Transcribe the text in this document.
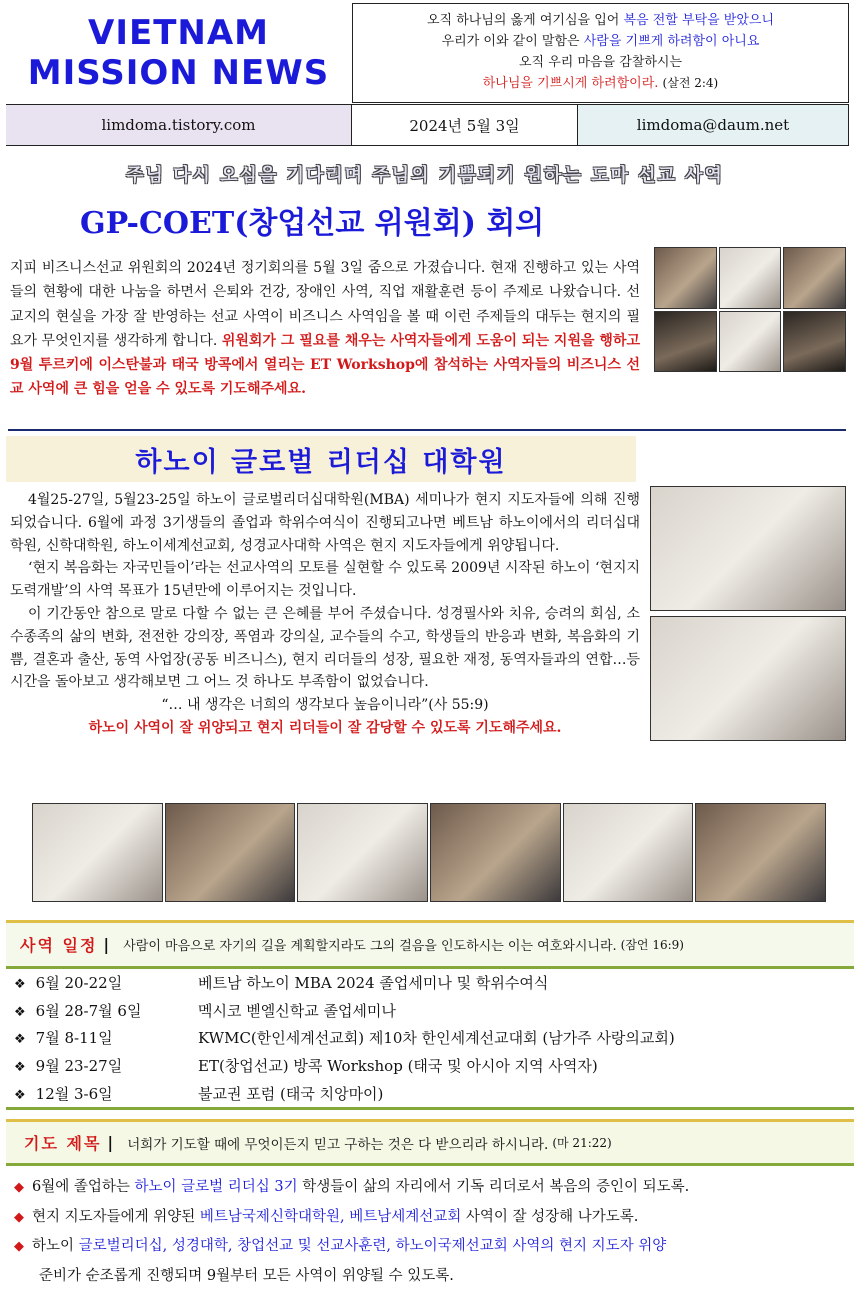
VIETNAM
MISSION NEWS
오직 하나님의 옳게 여기심을 입어 복음 전할 부탁을 받았으니
우리가 이와 같이 말함은 사람을 기쁘게 하려함이 아니요
오직 우리 마음을 감찰하시는
하나님을 기쁘시게 하려함이라. (살전 2:4)
limdoma.tistory.com	2024년 5월 3일	limdoma@daum.net
주님 다시 오심을 기다리며 주님의 기쁨되기 원하는 도마 선교 사역
GP-COET(창업선교 위원회) 회의
지피 비즈니스선교 위원회의 2024년 정기회의를 5월 3일 줌으로 가졌습니다. 현재 진행하고 있는 사역들의 현황에 대한 나눔을 하면서 은퇴와 건강, 장애인 사역, 직업 재활훈련 등이 주제로 나왔습니다. 선교지의 현실을 가장 잘 반영하는 선교 사역이 비즈니스 사역임을 볼 때 이런 주제들의 대두는 현지의 필요가 무엇인지를 생각하게 합니다. 위원회가 그 필요를 채우는 사역자들에게 도움이 되는 지원을 행하고 9월 투르키에 이스탄불과 태국 방콕에서 열리는 ET Workshop에 참석하는 사역자들의 비즈니스 선교 사역에 큰 힘을 얻을 수 있도록 기도해주세요.
하노이 글로벌 리더십 대학원
4월25-27일, 5월23-25일 하노이 글로벌리더십대학원(MBA) 세미나가 현지 지도자들에 의해 진행되었습니다. 6월에 과정 3기생들의 졸업과 학위수여식이 진행되고나면 베트남 하노이에서의 리더십대학원, 신학대학원, 하노이세계선교회, 성경교사대학 사역은 현지 지도자들에게 위양됩니다.
‘현지 복음화는 자국민들이’라는 선교사역의 모토를 실현할 수 있도록 2009년 시작된 하노이 ‘현지지도력개발’의 사역 목표가 15년만에 이루어지는 것입니다.
이 기간동안 참으로 말로 다할 수 없는 큰 은혜를 부어 주셨습니다. 성경필사와 치유, 승려의 회심, 소수종족의 삶의 변화, 전전한 강의장, 폭염과 강의실, 교수들의 수고, 학생들의 반응과 변화, 복음화의 기쁨, 결혼과 출산, 동역 사업장(공동 비즈니스), 현지 리더들의 성장, 필요한 재정, 동역자들과의 연합…등 시간을 돌아보고 생각해보면 그 어느 것 하나도 부족함이 없었습니다.
“… 내 생각은 너희의 생각보다 높음이니라”(사 55:9)
하노이 사역이 잘 위양되고 현지 리더들이 잘 감당할 수 있도록 기도해주세요.
사역 일정 | 사람이 마음으로 자기의 길을 계획할지라도 그의 걸음을 인도하시는 이는 여호와시니라. (잠언 16:9)
❖ 6월 20-22일	베트남 하노이 MBA 2024 졸업세미나 및 학위수여식
❖ 6월 28-7월 6일	멕시코 벧엘신학교 졸업세미나
❖ 7월 8-11일	KWMC(한인세계선교회) 제10차 한인세계선교대회 (남가주 사랑의교회)
❖ 9월 23-27일	ET(창업선교) 방콕 Workshop (태국 및 아시아 지역 사역자)
❖ 12월 3-6일	불교권 포럼 (태국 치앙마이)
기도 제목 | 너희가 기도할 때에 무엇이든지 믿고 구하는 것은 다 받으리라 하시니라. (마 21:22)
◆ 6월에 졸업하는 하노이 글로벌 리더십 3기 학생들이 삶의 자리에서 기독 리더로서 복음의 증인이 되도록.
◆ 현지 지도자들에게 위양된 베트남국제신학대학원, 베트남세계선교회 사역이 잘 성장해 나가도록.
◆ 하노이 글로벌리더십, 성경대학, 창업선교 및 선교사훈련, 하노이국제선교회 사역의 현지 지도자 위양
준비가 순조롭게 진행되며 9월부터 모든 사역이 위양될 수 있도록.
